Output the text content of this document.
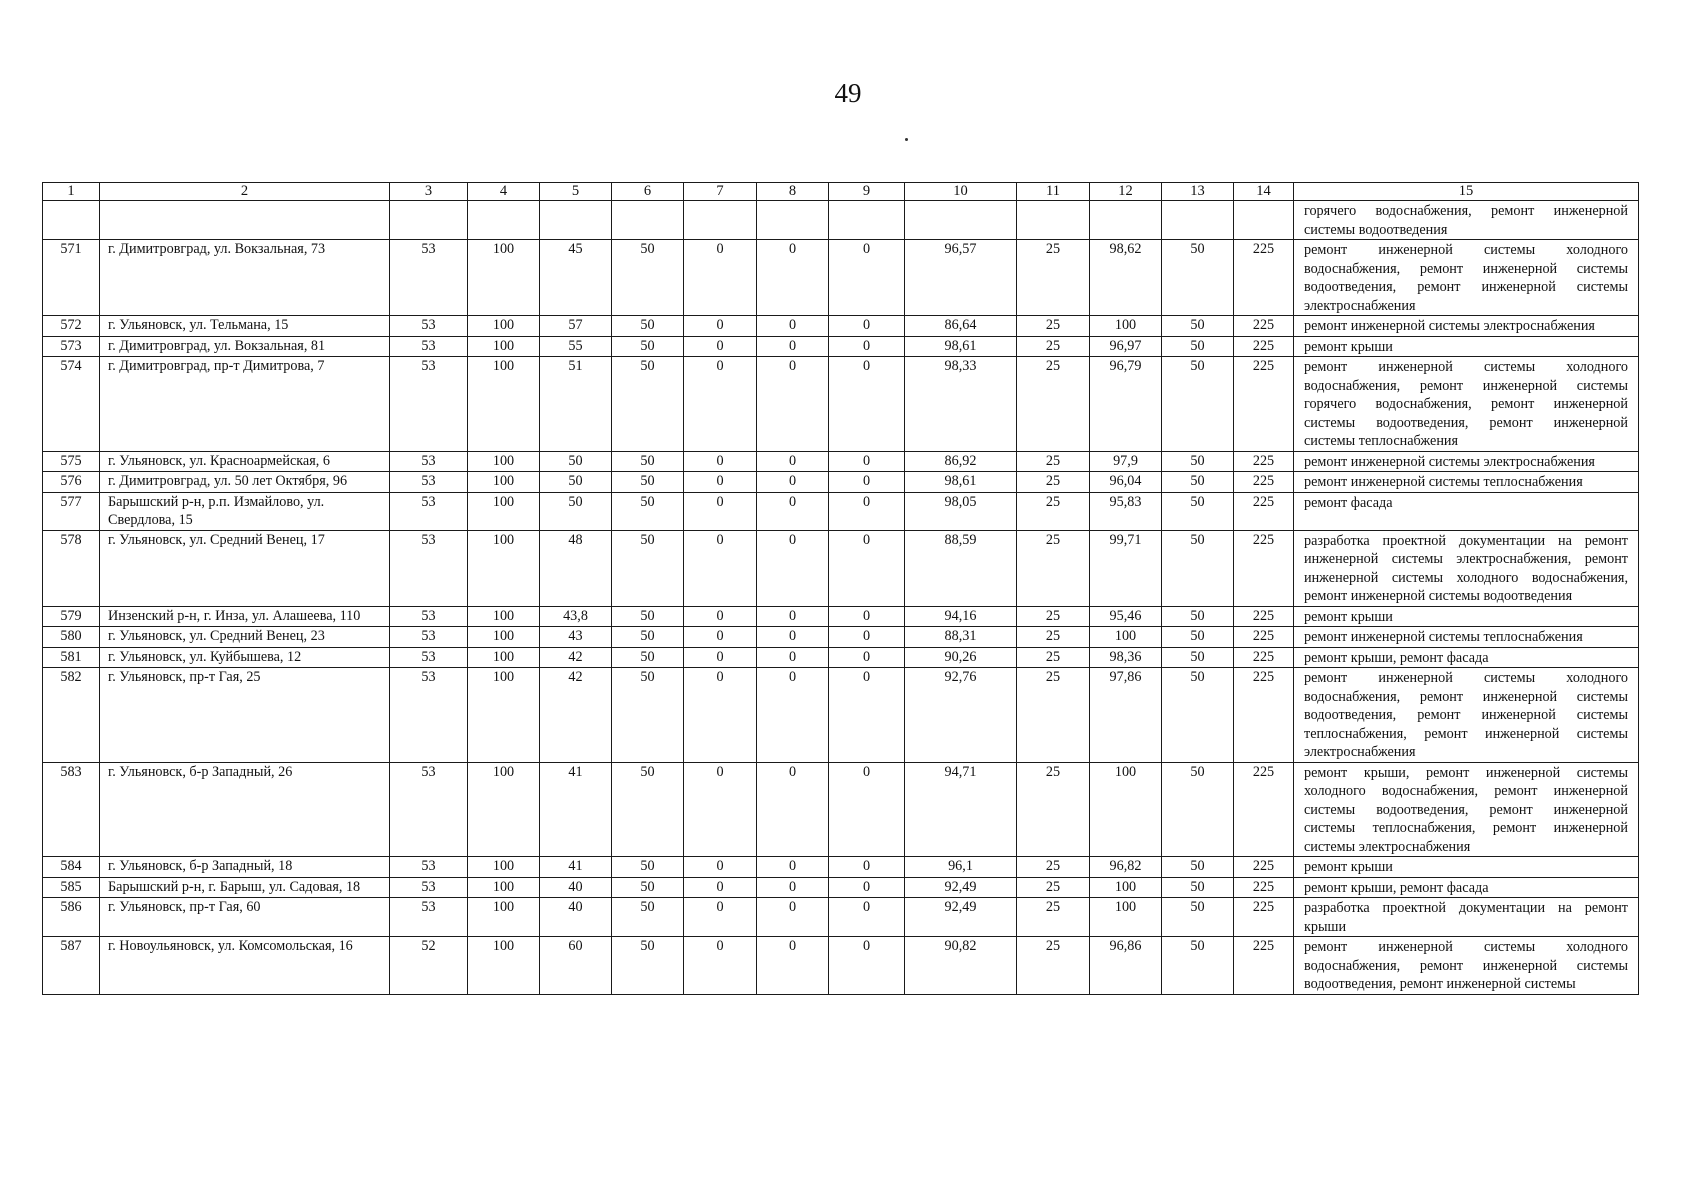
49
1	2	3	4	5	6	7	8	9	10	11	12	13	14	15
														горячего водоснабжения, ремонт инженерной системы водоотведения
571	г. Димитровград, ул. Вокзальная, 73	53	100	45	50	0	0	0	96,57	25	98,62	50	225	ремонт инженерной системы холодного водоснабжения, ремонт инженерной системы водоотведения, ремонт инженерной системы электроснабжения
572	г. Ульяновск, ул. Тельмана, 15	53	100	57	50	0	0	0	86,64	25	100	50	225	ремонт инженерной системы электроснабжения
573	г. Димитровград, ул. Вокзальная, 81	53	100	55	50	0	0	0	98,61	25	96,97	50	225	ремонт крыши
574	г. Димитровград, пр-т Димитрова, 7	53	100	51	50	0	0	0	98,33	25	96,79	50	225	ремонт инженерной системы холодного водоснабжения, ремонт инженерной системы горячего водоснабжения, ремонт инженерной системы водоотведения, ремонт инженерной системы теплоснабжения
575	г. Ульяновск, ул. Красноармейская, 6	53	100	50	50	0	0	0	86,92	25	97,9	50	225	ремонт инженерной системы электроснабжения
576	г. Димитровград, ул. 50 лет Октября, 96	53	100	50	50	0	0	0	98,61	25	96,04	50	225	ремонт инженерной системы теплоснабжения
577	Барышский р-н, р.п. Измайлово, ул. Свердлова, 15	53	100	50	50	0	0	0	98,05	25	95,83	50	225	ремонт фасада
578	г. Ульяновск, ул. Средний Венец, 17	53	100	48	50	0	0	0	88,59	25	99,71	50	225	разработка проектной документации на ремонт инженерной системы электроснабжения, ремонт инженерной системы холодного водоснабжения, ремонт инженерной системы водоотведения
579	Инзенский р-н, г. Инза, ул. Алашеева, 110	53	100	43,8	50	0	0	0	94,16	25	95,46	50	225	ремонт крыши
580	г. Ульяновск, ул. Средний Венец, 23	53	100	43	50	0	0	0	88,31	25	100	50	225	ремонт инженерной системы теплоснабжения
581	г. Ульяновск, ул. Куйбышева, 12	53	100	42	50	0	0	0	90,26	25	98,36	50	225	ремонт крыши, ремонт фасада
582	г. Ульяновск, пр-т Гая, 25	53	100	42	50	0	0	0	92,76	25	97,86	50	225	ремонт инженерной системы холодного водоснабжения, ремонт инженерной системы водоотведения, ремонт инженерной системы теплоснабжения, ремонт инженерной системы электроснабжения
583	г. Ульяновск, б-р Западный, 26	53	100	41	50	0	0	0	94,71	25	100	50	225	ремонт крыши, ремонт инженерной системы холодного водоснабжения, ремонт инженерной системы водоотведения, ремонт инженерной системы теплоснабжения, ремонт инженерной системы электроснабжения
584	г. Ульяновск, б-р Западный, 18	53	100	41	50	0	0	0	96,1	25	96,82	50	225	ремонт крыши
585	Барышский р-н, г. Барыш, ул. Садовая, 18	53	100	40	50	0	0	0	92,49	25	100	50	225	ремонт крыши, ремонт фасада
586	г. Ульяновск, пр-т Гая, 60	53	100	40	50	0	0	0	92,49	25	100	50	225	разработка проектной документации на ремонт крыши
587	г. Новоульяновск, ул. Комсомольская, 16	52	100	60	50	0	0	0	90,82	25	96,86	50	225	ремонт инженерной системы холодного водоснабжения, ремонт инженерной системы водоотведения, ремонт инженерной системы
